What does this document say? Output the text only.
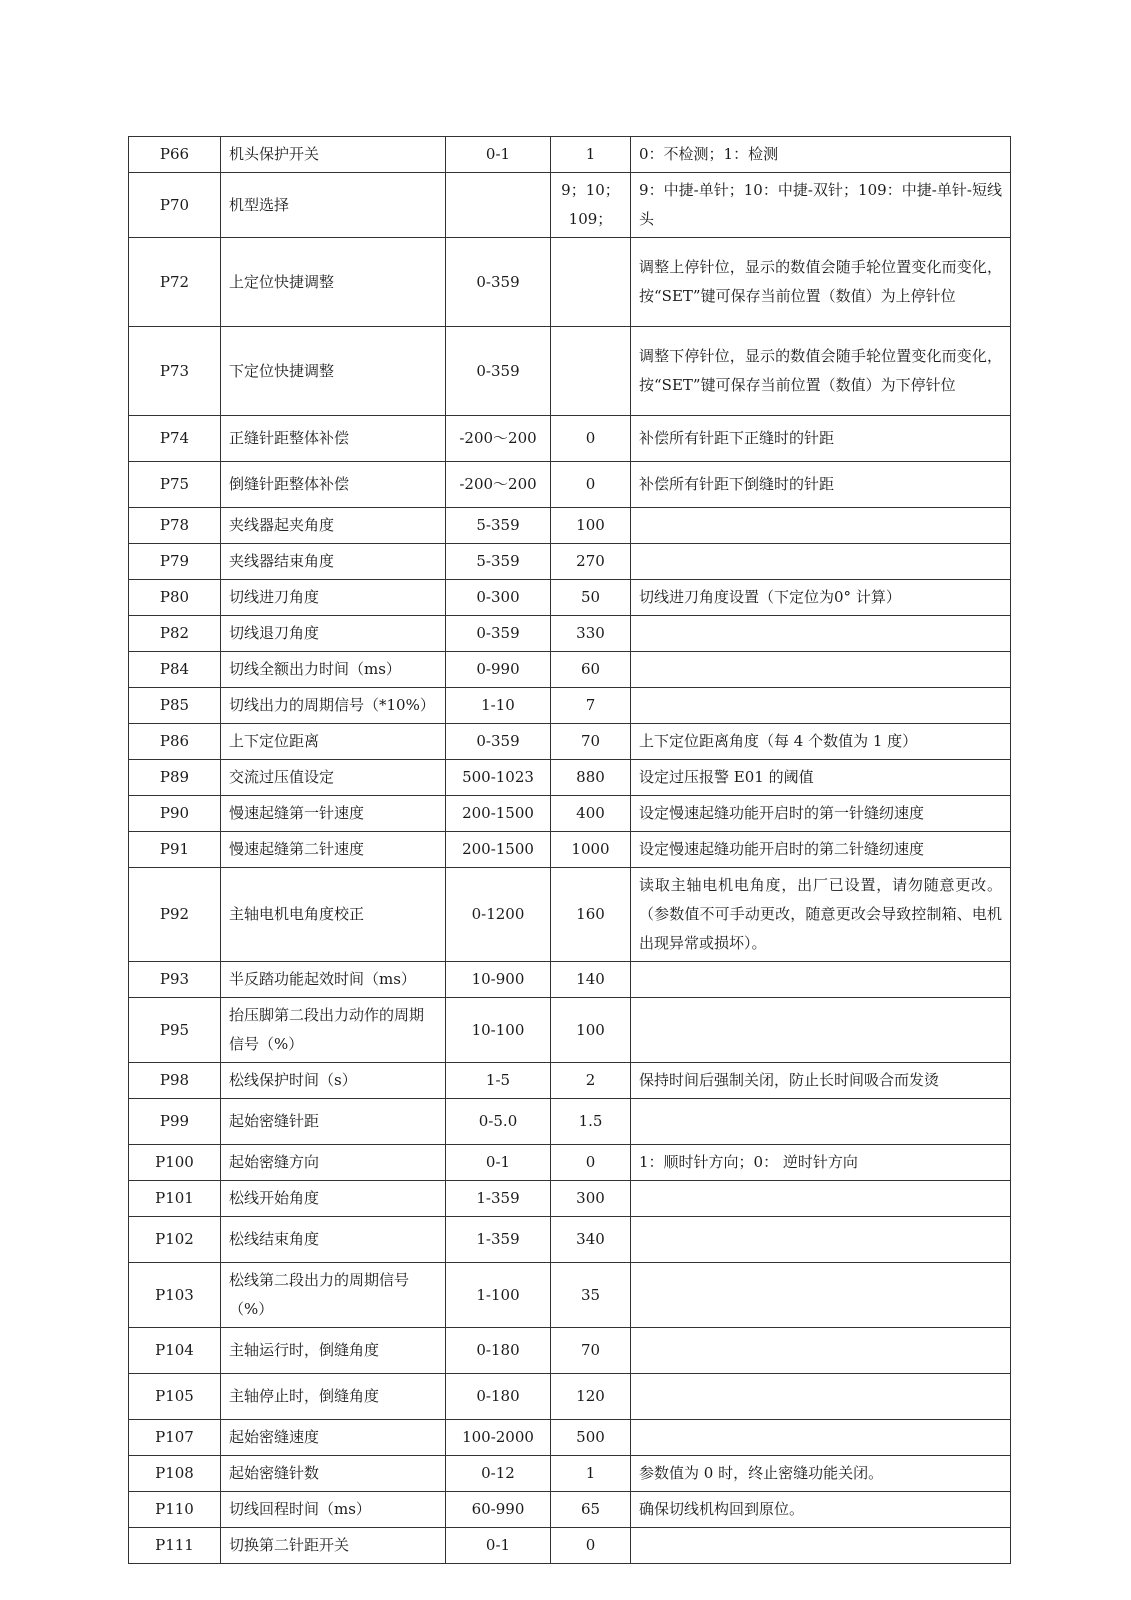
P66	机头保护开关	0-1	1	0：不检测；1：检测
P70	机型选择		9；10；109；	9：中捷-单针；10：中捷-双针；109：中捷-单针-短线头
P72	上定位快捷调整	0-359		调整上停针位，显示的数值会随手轮位置变化而变化，按“SET”键可保存当前位置（数值）为上停针位
P73	下定位快捷调整	0-359		调整下停针位，显示的数值会随手轮位置变化而变化，按“SET”键可保存当前位置（数值）为下停针位
P74	正缝针距整体补偿	-200～200	0	补偿所有针距下正缝时的针距
P75	倒缝针距整体补偿	-200～200	0	补偿所有针距下倒缝时的针距
P78	夹线器起夹角度	5-359	100	
P79	夹线器结束角度	5-359	270	
P80	切线进刀角度	0-300	50	切线进刀角度设置（下定位为0° 计算）
P82	切线退刀角度	0-359	330	
P84	切线全额出力时间（ms）	0-990	60	
P85	切线出力的周期信号（*10%）	1-10	7	
P86	上下定位距离	0-359	70	上下定位距离角度（每 4 个数值为 1 度）
P89	交流过压值设定	500-1023	880	设定过压报警 E01 的阈值
P90	慢速起缝第一针速度	200-1500	400	设定慢速起缝功能开启时的第一针缝纫速度
P91	慢速起缝第二针速度	200-1500	1000	设定慢速起缝功能开启时的第二针缝纫速度
P92	主轴电机电角度校正	0-1200	160	读取主轴电机电角度，出厂已设置，请勿随意更改。（参数值不可手动更改，随意更改会导致控制箱、电机出现异常或损坏）。
P93	半反踏功能起效时间（ms）	10-900	140	
P95	抬压脚第二段出力动作的周期信号（%）	10-100	100	
P98	松线保护时间（s）	1-5	2	保持时间后强制关闭，防止长时间吸合而发烫
P99	起始密缝针距	0-5.0	1.5	
P100	起始密缝方向	0-1	0	1：顺时针方向；0： 逆时针方向
P101	松线开始角度	1-359	300	
P102	松线结束角度	1-359	340	
P103	松线第二段出力的周期信号（%）	1-100	35	
P104	主轴运行时，倒缝角度	0-180	70	
P105	主轴停止时，倒缝角度	0-180	120	
P107	起始密缝速度	100-2000	500	
P108	起始密缝针数	0-12	1	参数值为 0 时，终止密缝功能关闭。
P110	切线回程时间（ms）	60-990	65	确保切线机构回到原位。
P111	切换第二针距开关	0-1	0	
